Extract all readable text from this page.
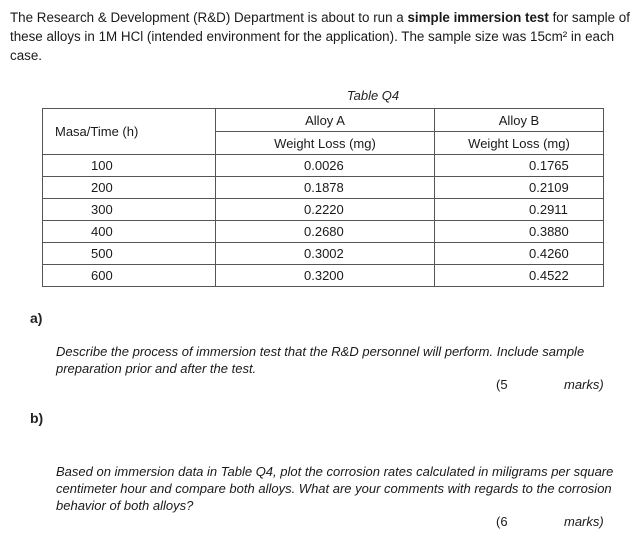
The Research & Development (R&D) Department is about to run a simple immersion test for sample of these alloys in 1M HCl (intended environment for the application). The sample size was 15cm² in each case.
Table Q4
Masa/Time (h)	Alloy A	Alloy B
	Weight Loss (mg)	Weight Loss (mg)
100	0.0026	0.1765
200	0.1878	0.2109
300	0.2220	0.2911
400	0.2680	0.3880
500	0.3002	0.4260
600	0.3200	0.4522
a)
Describe the process of immersion test that the R&D personnel will perform. Include sample preparation prior and after the test.
(5	marks)
b)
Based on immersion data in Table Q4, plot the corrosion rates calculated in miligrams per square centimeter hour and compare both alloys. What are your comments with regards to the corrosion behavior of both alloys?
(6	marks)
